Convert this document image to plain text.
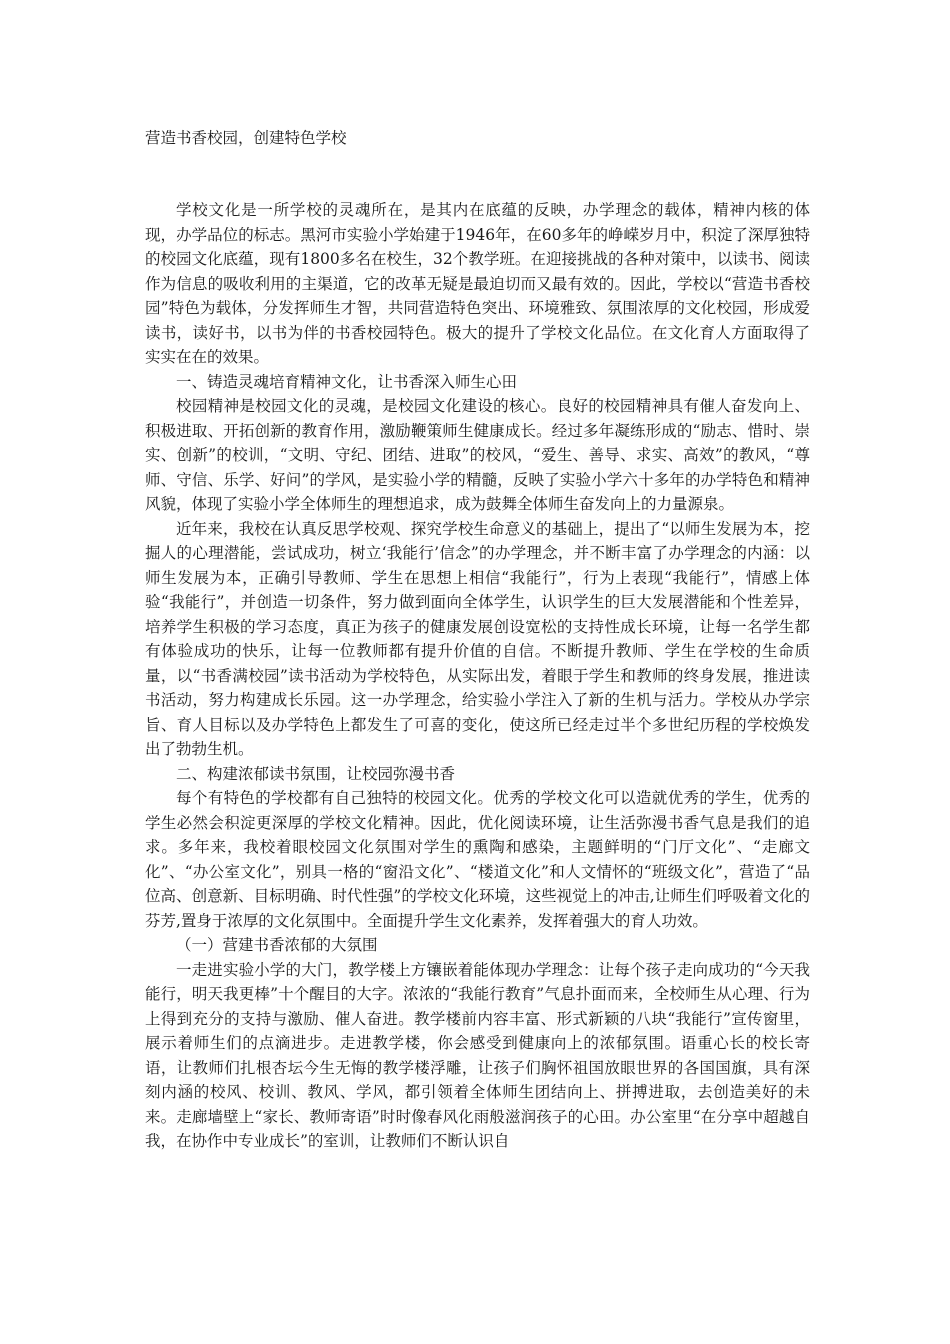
营造书香校园，创建特色学校

学校文化是一所学校的灵魂所在，是其内在底蕴的反映，办学理念的载体，精神内核的体现，办学品位的标志。黑河市实验小学始建于1946年，在60多年的峥嵘岁月中，积淀了深厚独特的校园文化底蕴，现有1800多名在校生，32个教学班。在迎接挑战的各种对策中，以读书、阅读作为信息的吸收利用的主渠道，它的改革无疑是最迫切而又最有效的。因此，学校以“营造书香校园”特色为载体，分发挥师生才智，共同营造特色突出、环境雅致、氛围浓厚的文化校园，形成爱读书，读好书，以书为伴的书香校园特色。极大的提升了学校文化品位。在文化育人方面取得了实实在在的效果。

一、铸造灵魂培育精神文化，让书香深入师生心田

校园精神是校园文化的灵魂，是校园文化建设的核心。良好的校园精神具有催人奋发向上、积极进取、开拓创新的教育作用，激励鞭策师生健康成长。经过多年凝练形成的“励志、惜时、崇实、创新”的校训，“文明、守纪、团结、进取”的校风，“爱生、善导、求实、高效”的教风，“尊师、守信、乐学、好问”的学风，是实验小学的精髓，反映了实验小学六十多年的办学特色和精神风貌，体现了实验小学全体师生的理想追求，成为鼓舞全体师生奋发向上的力量源泉。

近年来，我校在认真反思学校观、探究学校生命意义的基础上，提出了“以师生发展为本，挖掘人的心理潜能，尝试成功，树立‘我能行’信念”的办学理念，并不断丰富了办学理念的内涵：以师生发展为本，正确引导教师、学生在思想上相信“我能行”，行为上表现“我能行”，情感上体验“我能行”，并创造一切条件，努力做到面向全体学生，认识学生的巨大发展潜能和个性差异，培养学生积极的学习态度，真正为孩子的健康发展创设宽松的支持性成长环境，让每一名学生都有体验成功的快乐，让每一位教师都有提升价值的自信。不断提升教师、学生在学校的生命质量，以“书香满校园”读书活动为学校特色，从实际出发，着眼于学生和教师的终身发展，推进读书活动，努力构建成长乐园。这一办学理念，给实验小学注入了新的生机与活力。学校从办学宗旨、育人目标以及办学特色上都发生了可喜的变化，使这所已经走过半个多世纪历程的学校焕发出了勃勃生机。

二、构建浓郁读书氛围，让校园弥漫书香

每个有特色的学校都有自己独特的校园文化。优秀的学校文化可以造就优秀的学生，优秀的学生必然会积淀更深厚的学校文化精神。因此，优化阅读环境，让生活弥漫书香气息是我们的追求。多年来，我校着眼校园文化氛围对学生的熏陶和感染，主题鲜明的“门厅文化”、“走廊文化”、“办公室文化”，别具一格的“窗沿文化”、“楼道文化”和人文情怀的“班级文化”，营造了“品位高、创意新、目标明确、时代性强”的学校文化环境，这些视觉上的冲击,让师生们呼吸着文化的芬芳,置身于浓厚的文化氛围中。全面提升学生文化素养，发挥着强大的育人功效。

（一）营建书香浓郁的大氛围

一走进实验小学的大门，教学楼上方镶嵌着能体现办学理念：让每个孩子走向成功的“今天我能行，明天我更棒”十个醒目的大字。浓浓的“我能行教育”气息扑面而来，全校师生从心理、行为上得到充分的支持与激励、催人奋进。教学楼前内容丰富、形式新颖的八块“我能行”宣传窗里，展示着师生们的点滴进步。走进教学楼，你会感受到健康向上的浓郁氛围。语重心长的校长寄语，让教师们扎根杏坛今生无悔的教学楼浮雕，让孩子们胸怀祖国放眼世界的各国国旗，具有深刻内涵的校风、校训、教风、学风，都引领着全体师生团结向上、拼搏进取，去创造美好的未来。走廊墙壁上“家长、教师寄语”时时像春风化雨般滋润孩子的心田。办公室里“在分享中超越自我，在协作中专业成长”的室训，让教师们不断认识自
